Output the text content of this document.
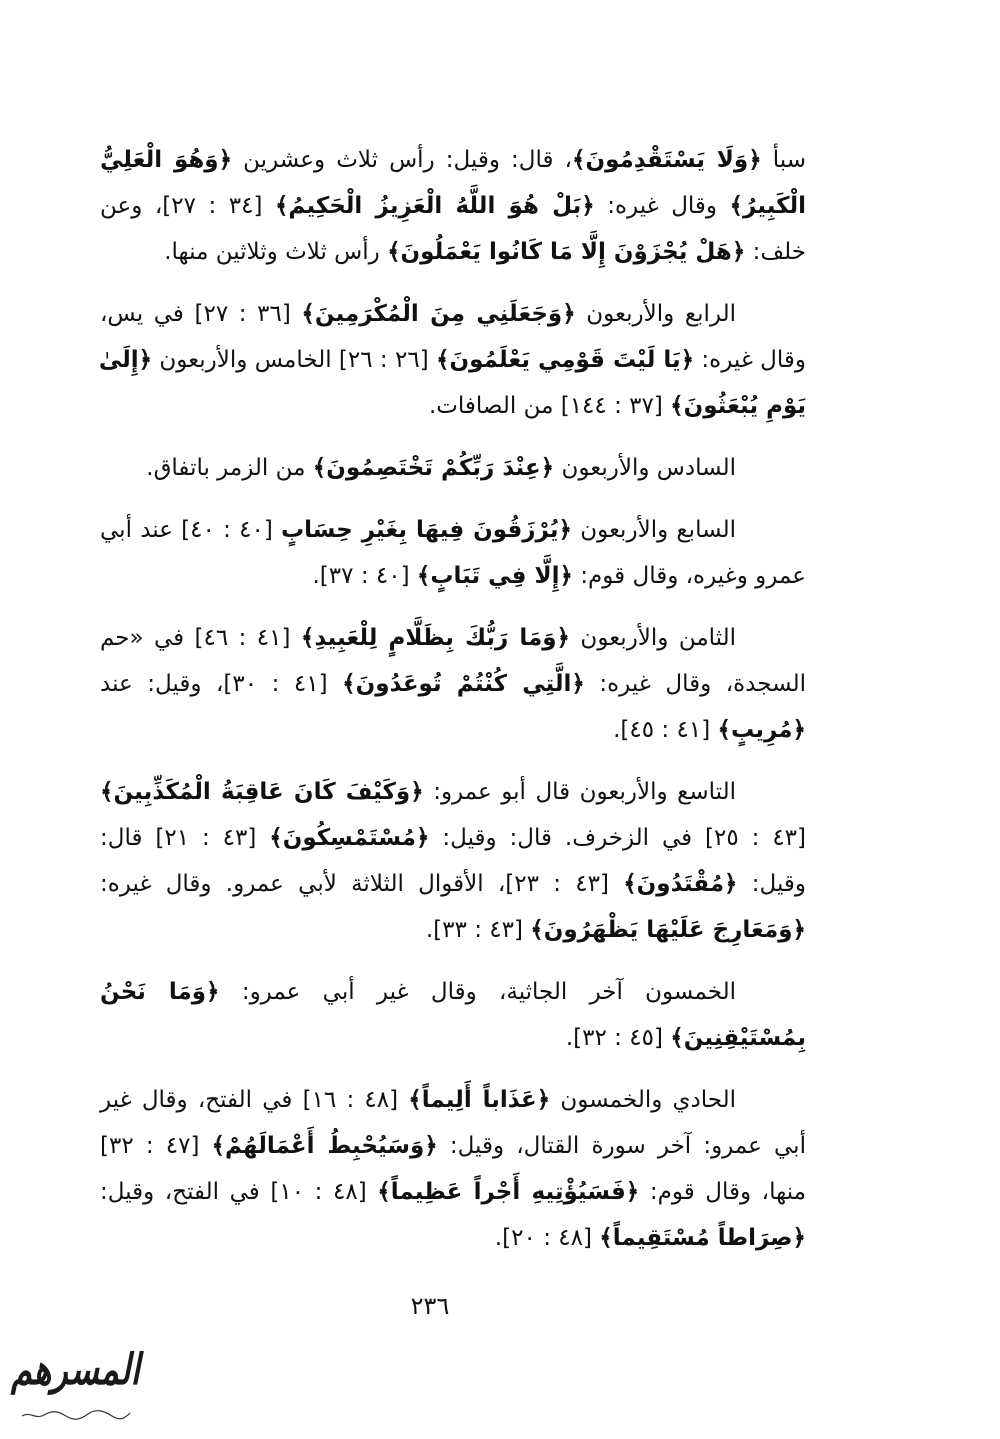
سبأ ﴿وَلَا يَسْتَقْدِمُونَ﴾، قال: وقيل: رأس ثلاث وعشرين ﴿وَهُوَ الْعَلِيُّ
الْكَبِيرُ﴾ وقال غيره: ﴿بَلْ هُوَ اللَّهُ الْعَزِيزُ الْحَكِيمُ﴾ [٣٤ : ٢٧]، وعن
خلف: ﴿هَلْ يُجْزَوْنَ إِلَّا مَا كَانُوا يَعْمَلُونَ﴾ رأس ثلاث وثلاثين منها.
الرابع والأربعون ﴿وَجَعَلَنِي مِنَ الْمُكْرَمِينَ﴾ [٣٦ : ٢٧] في يس،
وقال غيره: ﴿يَا لَيْتَ قَوْمِي يَعْلَمُونَ﴾ [٢٦ : ٢٦] الخامس والأربعون ﴿إِلَىٰ
يَوْمِ يُبْعَثُونَ﴾ [٣٧ : ١٤٤] من الصافات.
السادس والأربعون ﴿عِنْدَ رَبِّكُمْ تَخْتَصِمُونَ﴾ من الزمر باتفاق.
السابع والأربعون ﴿يُرْزَقُونَ فِيهَا بِغَيْرِ حِسَابٍ [٤٠ : ٤٠] عند أبي
عمرو وغيره، وقال قوم: ﴿إِلَّا فِي تَبَابٍ﴾ [٤٠ : ٣٧].
الثامن والأربعون ﴿وَمَا رَبُّكَ بِظَلَّامٍ لِلْعَبِيدِ﴾ [٤١ : ٤٦] في «حم
السجدة، وقال غيره: ﴿الَّتِي كُنْتُمْ تُوعَدُونَ﴾ [٤١ : ٣٠]، وقيل: عند
﴿مُرِيبٍ﴾ [٤١ : ٤٥].
التاسع والأربعون قال أبو عمرو: ﴿وَكَيْفَ كَانَ عَاقِبَةُ الْمُكَذِّبِينَ﴾
[٤٣ : ٢٥] في الزخرف. قال: وقيل: ﴿مُسْتَمْسِكُونَ﴾ [٤٣ : ٢١] قال:
وقيل: ﴿مُقْتَدُونَ﴾ [٤٣ : ٢٣]، الأقوال الثلاثة لأبي عمرو. وقال غيره:
﴿وَمَعَارِجَ عَلَيْهَا يَظْهَرُونَ﴾ [٤٣ : ٣٣].
الخمسون آخر الجاثية، وقال غير أبي عمرو: ﴿وَمَا نَحْنُ
بِمُسْتَيْقِنِينَ﴾ [٤٥ : ٣٢].
الحادي والخمسون ﴿عَذَاباً أَلِيماً﴾ [٤٨ : ١٦] في الفتح، وقال غير
أبي عمرو: آخر سورة القتال، وقيل: ﴿وَسَيُحْبِطُ أَعْمَالَهُمْ﴾ [٤٧ : ٣٢]
منها، وقال قوم: ﴿فَسَيُؤْتِيهِ أَجْراً عَظِيماً﴾ [٤٨ : ١٠] في الفتح، وقيل:
﴿صِرَاطاً مُسْتَقِيماً﴾ [٤٨ : ٢٠].
٢٣٦
المسرهم
